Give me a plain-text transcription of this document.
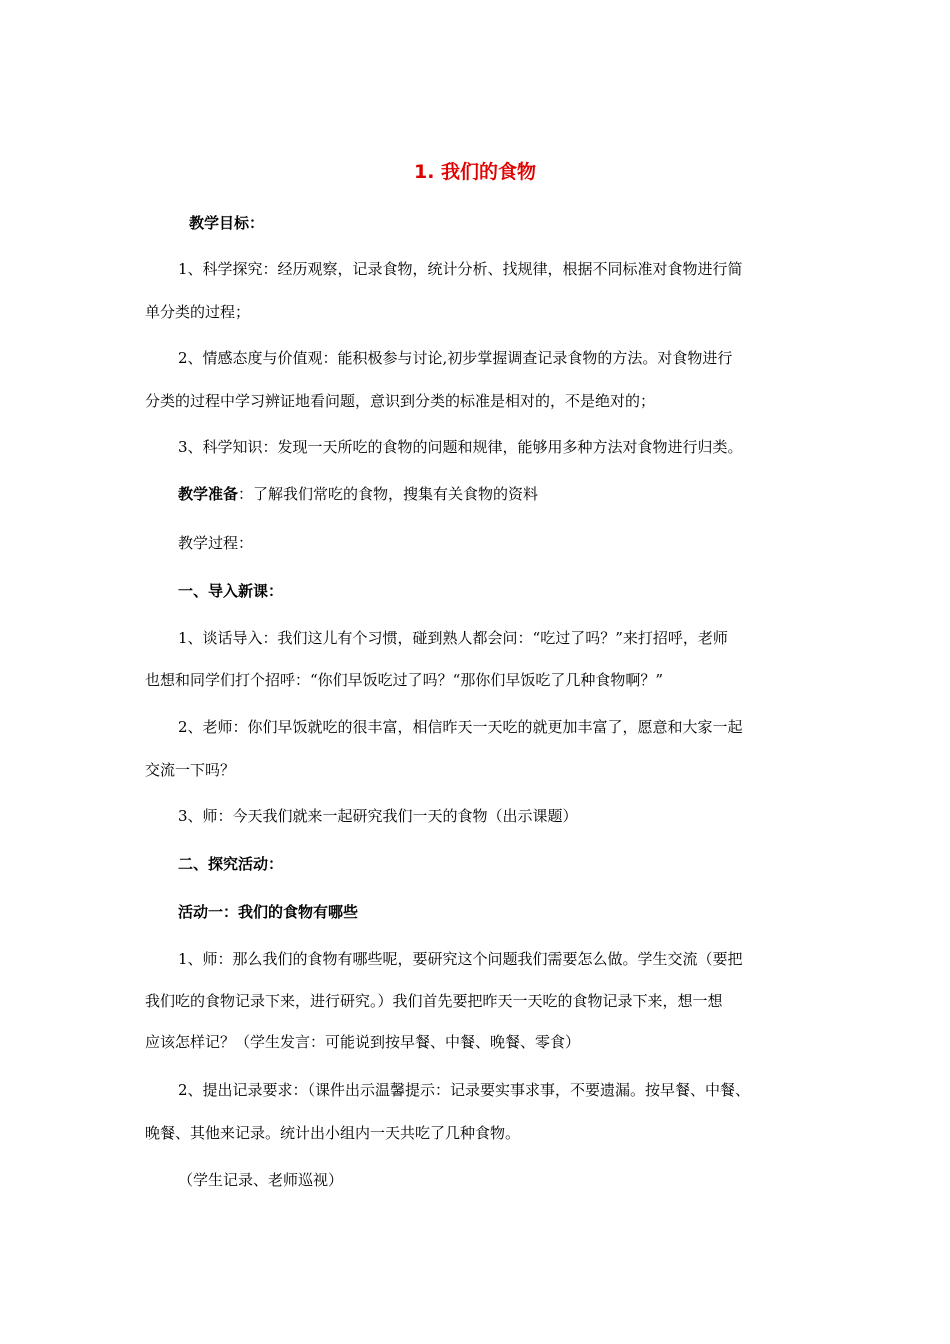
1. 我们的食物
教学目标：
1、科学探究：经历观察，记录食物，统计分析、找规律，根据不同标准对食物进行简
单分类的过程；
2、情感态度与价值观：能积极参与讨论,初步掌握调查记录食物的方法。对食物进行
分类的过程中学习辨证地看问题，意识到分类的标准是相对的，不是绝对的；
3、科学知识：发现一天所吃的食物的问题和规律，能够用多种方法对食物进行归类。
教学准备：了解我们常吃的食物，搜集有关食物的资料
教学过程：
一、导入新课：
1、谈话导入：我们这儿有个习惯，碰到熟人都会问：“吃过了吗？”来打招呼，老师
也想和同学们打个招呼：“你们早饭吃过了吗？“那你们早饭吃了几种食物啊？”
2、老师：你们早饭就吃的很丰富，相信昨天一天吃的就更加丰富了，愿意和大家一起
交流一下吗？
3、师：今天我们就来一起研究我们一天的食物（出示课题）
二、探究活动：
活动一：我们的食物有哪些
1、师：那么我们的食物有哪些呢，要研究这个问题我们需要怎么做。学生交流（要把
我们吃的食物记录下来，进行研究。）我们首先要把昨天一天吃的食物记录下来，想一想
应该怎样记？（学生发言：可能说到按早餐、中餐、晚餐、零食）
2、提出记录要求：（课件出示温馨提示：记录要实事求事，不要遗漏。按早餐、中餐、
晚餐、其他来记录。统计出小组内一天共吃了几种食物。
（学生记录、老师巡视）
